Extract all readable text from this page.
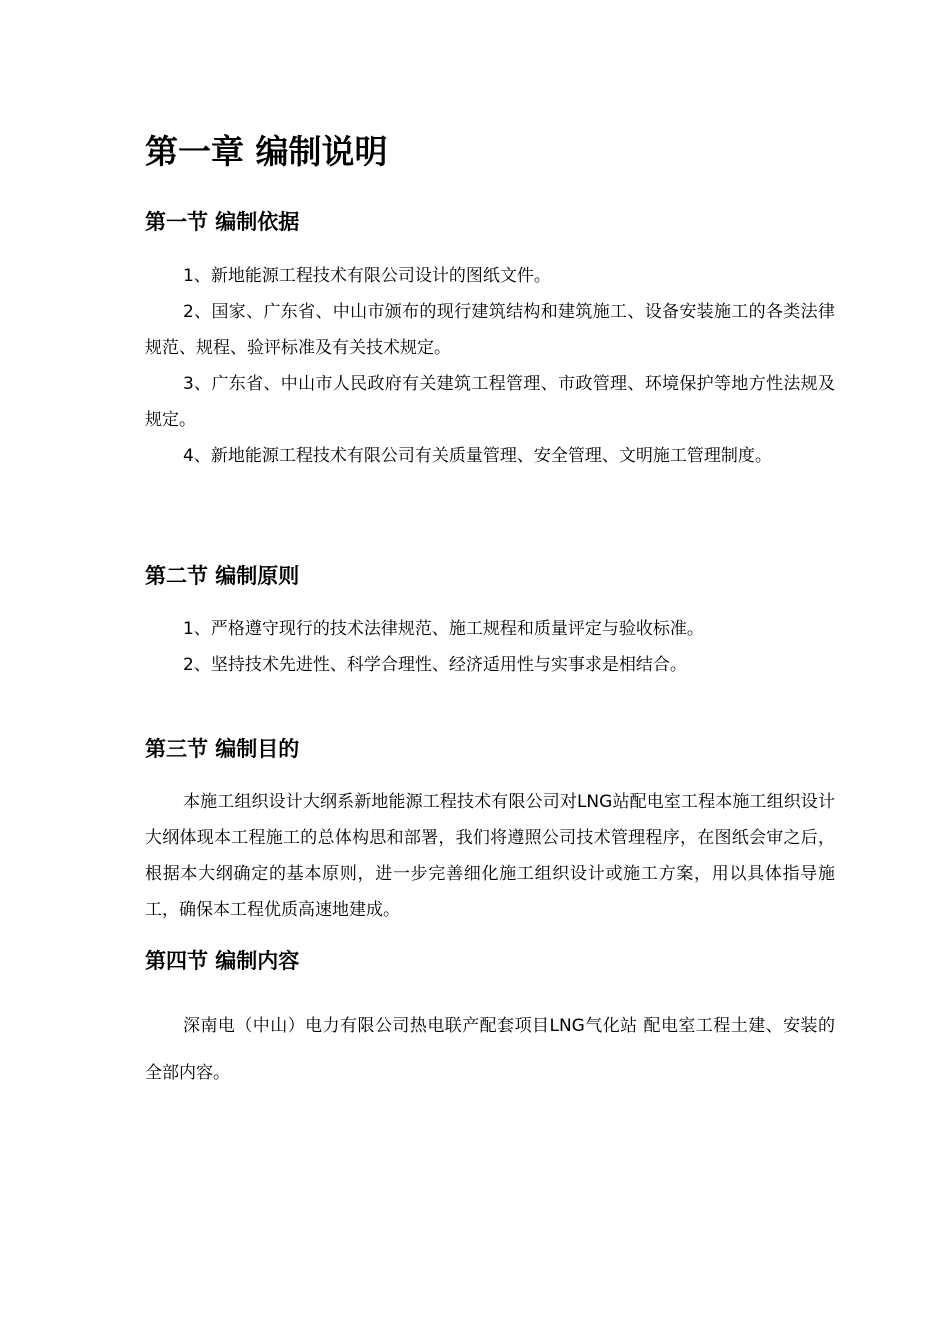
第一章 编制说明
第一节 编制依据

1、新地能源工程技术有限公司设计的图纸文件。

2、国家、广东省、中山市颁布的现行建筑结构和建筑施工、设备安装施工的各类法律规范、规程、验评标准及有关技术规定。

3、广东省、中山市人民政府有关建筑工程管理、市政管理、环境保护等地方性法规及规定。

4、新地能源工程技术有限公司有关质量管理、安全管理、文明施工管理制度。

第二节 编制原则

1、严格遵守现行的技术法律规范、施工规程和质量评定与验收标准。

2、坚持技术先进性、科学合理性、经济适用性与实事求是相结合。

第三节 编制目的

本施工组织设计大纲系新地能源工程技术有限公司对LNG站配电室工程本施工组织设计大纲体现本工程施工的总体构思和部署，我们将遵照公司技术管理程序，在图纸会审之后，根据本大纲确定的基本原则，进一步完善细化施工组织设计或施工方案，用以具体指导施工，确保本工程优质高速地建成。

第四节 编制内容

深南电（中山）电力有限公司热电联产配套项目LNG气化站 配电室工程土建、安装的全部内容。
